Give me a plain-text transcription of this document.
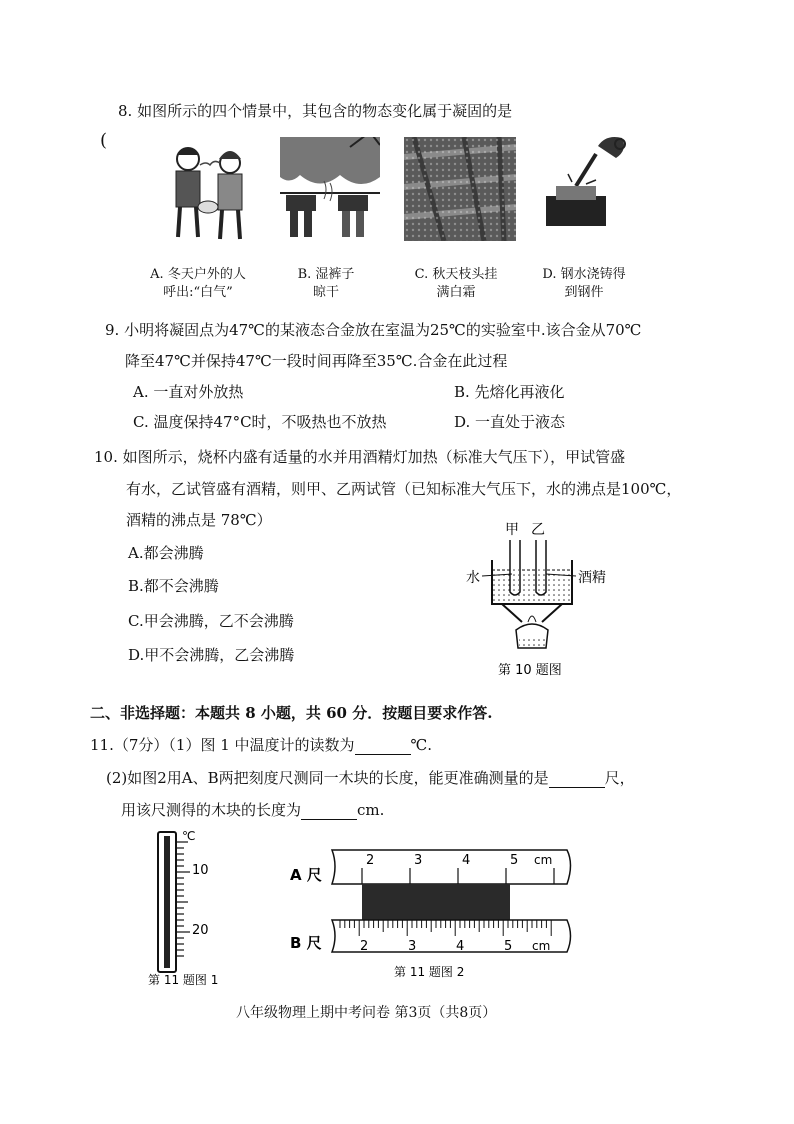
8. 如图所示的四个情景中，其包含的物态变化属于凝固的是
(
A. 冬天户外的人
呼出:“白气”
B. 湿裤子
晾干
C. 秋天枝头挂
满白霜
D. 钢水浇铸得
到钢件
9. 小明将凝固点为47℃的某液态合金放在室温为25℃的实验室中.该合金从70℃
降至47℃并保持47℃一段时间再降至35℃.合金在此过程
A. 一直对外放热	B. 先熔化再液化
C. 温度保持47°C时，不吸热也不放热	D. 一直处于液态
10. 如图所示，烧杯内盛有适量的水并用酒精灯加热（标准大气压下），甲试管盛
有水，乙试管盛有酒精，则甲、乙两试管（已知标准大气压下，水的沸点是100℃，
酒精的沸点是 78℃）
A.都会沸腾
B.都不会沸腾
C.甲会沸腾，乙不会沸腾
D.甲不会沸腾，乙会沸腾
甲 乙
水	酒精
第 10 题图
二、非选择题：本题共 8 小题，共 60 分．按题目要求作答.
11.（7分）（1）图 1 中温度计的读数为	℃.
(2)如图2用A、B两把刻度尺测同一木块的长度，能更准确测量的是	尺，
用该尺测得的木块的长度为	cm.
℃
10
20
第 11 题图 1
A 尺
B 尺
2	3	4	5 cm
2	3	4	5 cm
第 11 题图 2
八年级物理上期中考问卷 第3页（共8页）
